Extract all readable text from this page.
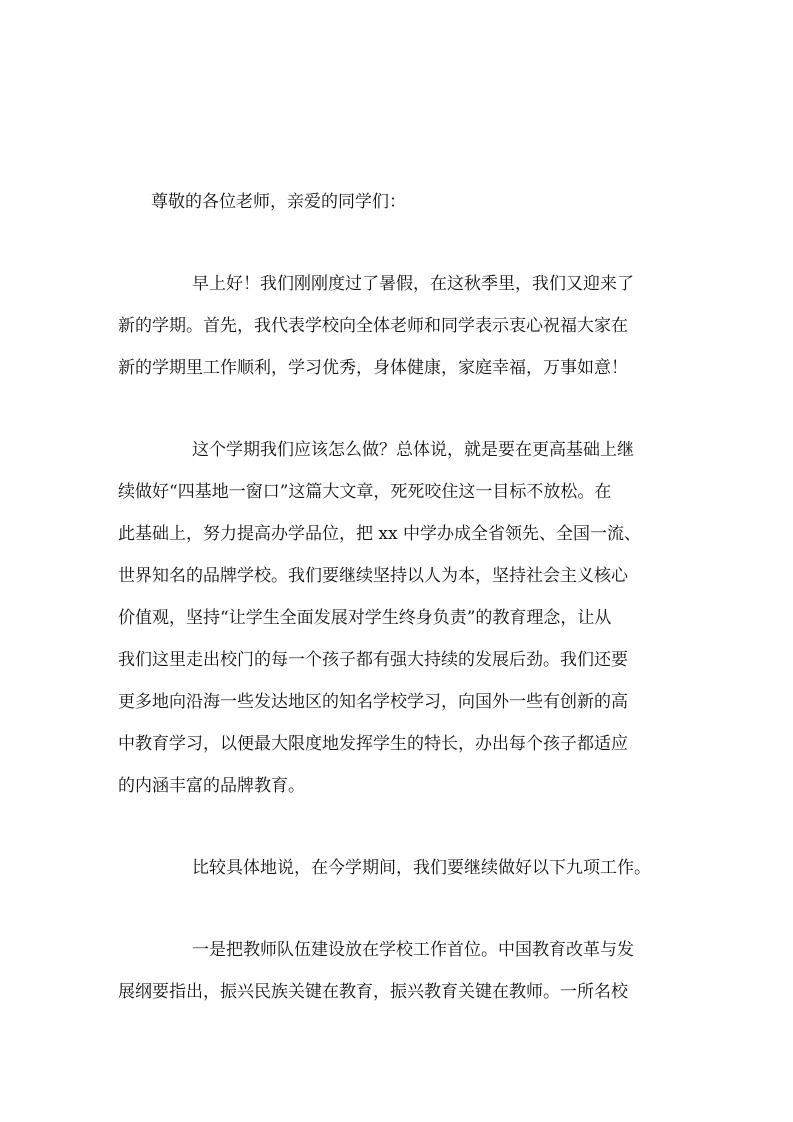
尊敬的各位老师，亲爱的同学们：

早上好！我们刚刚度过了暑假，在这秋季里，我们又迎来了

新的学期。首先，我代表学校向全体老师和同学表示衷心祝福大家在

新的学期里工作顺利，学习优秀，身体健康，家庭幸福，万事如意！

这个学期我们应该怎么做？总体说，就是要在更高基础上继

续做好“四基地一窗口”这篇大文章，死死咬住这一目标不放松。在

此基础上，努力提高办学品位，把 xx 中学办成全省领先、全国一流、

世界知名的品牌学校。我们要继续坚持以人为本，坚持社会主义核心

价值观，坚持“让学生全面发展对学生终身负责”的教育理念，让从

我们这里走出校门的每一个孩子都有强大持续的发展后劲。我们还要

更多地向沿海一些发达地区的知名学校学习，向国外一些有创新的高

中教育学习，以便最大限度地发挥学生的特长，办出每个孩子都适应

的内涵丰富的品牌教育。

比较具体地说，在今学期间，我们要继续做好以下九项工作。

一是把教师队伍建设放在学校工作首位。中国教育改革与发

展纲要指出，振兴民族关键在教育，振兴教育关键在教师。一所名校
